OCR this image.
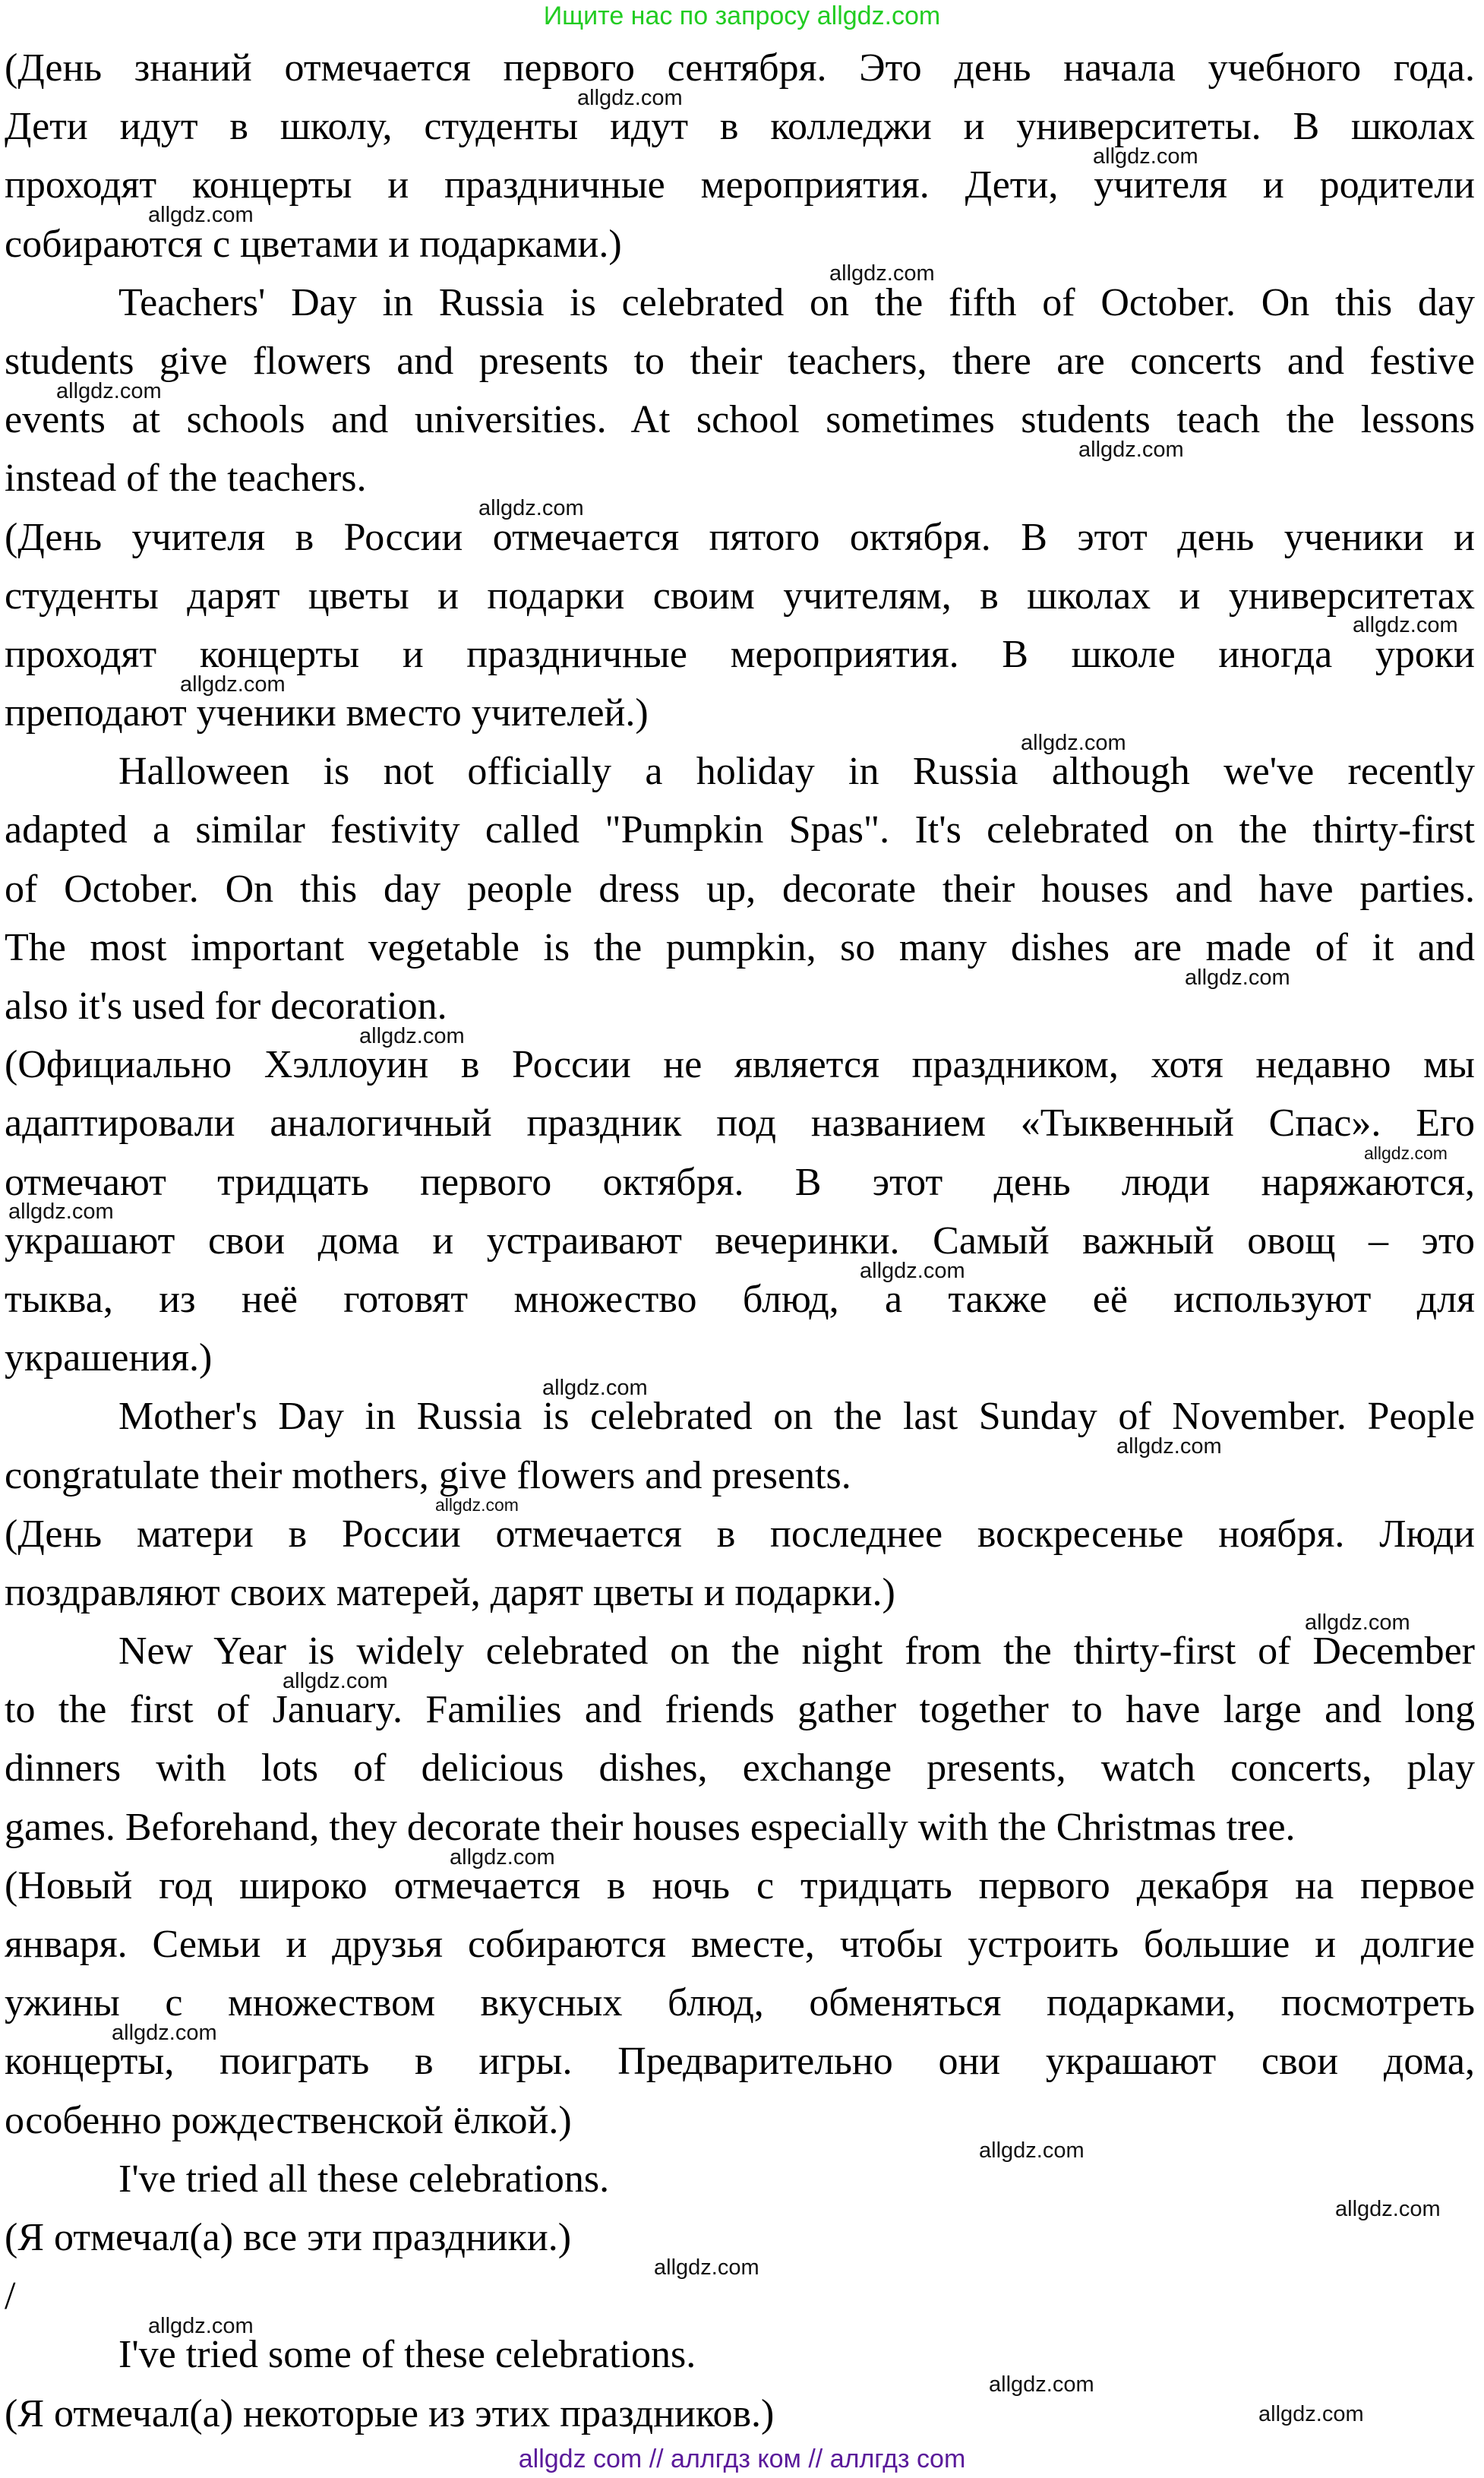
Ищите нас по запросу allgdz.com
(День знаний отмечается первого сентября. Это день начала учебного года.
Дети идут в школу, студенты идут в колледжи и университеты. В школах
проходят концерты и праздничные мероприятия. Дети, учителя и родители
собираются с цветами и подарками.)
Teachers' Day in Russia is celebrated on the fifth of October. On this day
students give flowers and presents to their teachers, there are concerts and festive
events at schools and universities. At school sometimes students teach the lessons
instead of the teachers.
(День учителя в России отмечается пятого октября. В этот день ученики и
студенты дарят цветы и подарки своим учителям, в школах и университетах
проходят концерты и праздничные мероприятия. В школе иногда уроки
преподают ученики вместо учителей.)
Halloween is not officially a holiday in Russia although we've recently
adapted a similar festivity called "Pumpkin Spas". It's celebrated on the thirty-first
of October. On this day people dress up, decorate their houses and have parties.
The most important vegetable is the pumpkin, so many dishes are made of it and
also it's used for decoration.
(Официально Хэллоуин в России не является праздником, хотя недавно мы
адаптировали аналогичный праздник под названием «Тыквенный Спас». Его
отмечают тридцать первого октября. В этот день люди наряжаются,
украшают свои дома и устраивают вечеринки. Самый важный овощ – это
тыква, из неё готовят множество блюд, а также её используют для
украшения.)
Mother's Day in Russia is celebrated on the last Sunday of November. People
congratulate their mothers, give flowers and presents.
(День матери в России отмечается в последнее воскресенье ноября. Люди
поздравляют своих матерей, дарят цветы и подарки.)
New Year is widely celebrated on the night from the thirty-first of December
to the first of January. Families and friends gather together to have large and long
dinners with lots of delicious dishes, exchange presents, watch concerts, play
games. Beforehand, they decorate their houses especially with the Christmas tree.
(Новый год широко отмечается в ночь с тридцать первого декабря на первое
января. Семьи и друзья собираются вместе, чтобы устроить большие и долгие
ужины с множеством вкусных блюд, обменяться подарками, посмотреть
концерты, поиграть в игры. Предварительно они украшают свои дома,
особенно рождественской ёлкой.)
I've tried all these celebrations.
(Я отмечал(а) все эти праздники.)
/
I've tried some of these celebrations.
(Я отмечал(а) некоторые из этих праздников.)
allgdz.com
allgdz.com
allgdz.com
allgdz.com
allgdz.com
allgdz.com
allgdz.com
allgdz.com
allgdz.com
allgdz.com
allgdz.com
allgdz.com
allgdz.com
allgdz.com
allgdz.com
allgdz.com
allgdz.com
allgdz.com
allgdz.com
allgdz.com
allgdz.com
allgdz.com
allgdz.com
allgdz.com
allgdz.com
allgdz.com
allgdz.com
allgdz.com
allgdz com // аллгдз ком // аллгдз com
